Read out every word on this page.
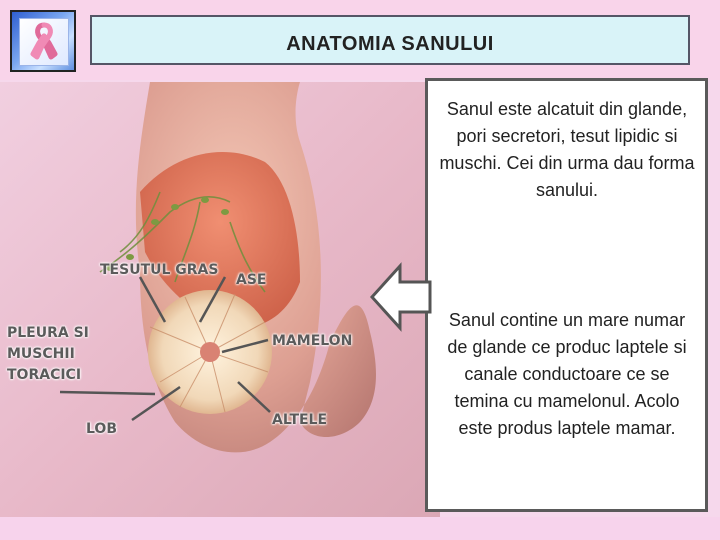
ANATOMIA SANULUI
TESUTUL GRAS
ASE
PLEURA SI
MUSCHII
TORACICI
MAMELON
LOB
ALTELE
Sanul este alcatuit din glande, pori secretori, tesut lipidic si muschi. Cei din urma dau forma sanului.
Sanul contine un mare numar de glande ce produc laptele si canale conductoare ce se temina cu mamelonul. Acolo este produs laptele mamar.
